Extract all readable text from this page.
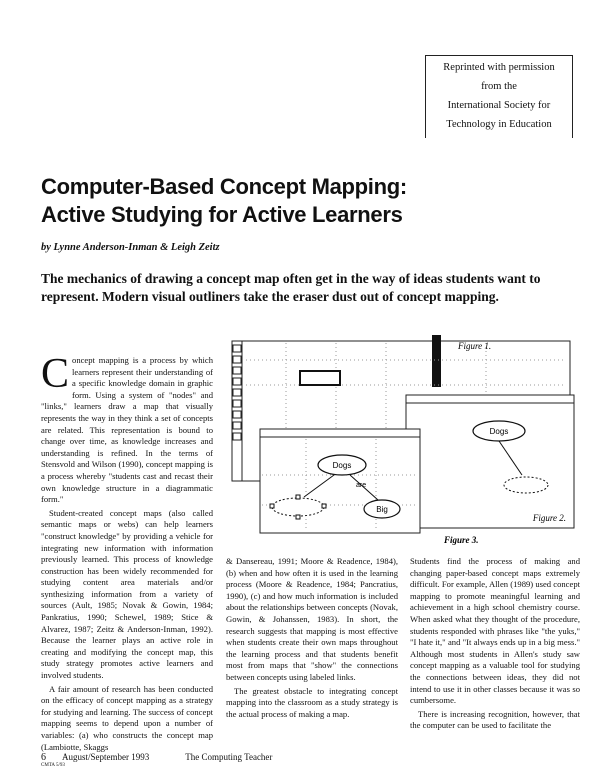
Reprinted with permission
from the
International Society for
Technology in Education
Computer-Based Concept Mapping:
Active Studying for Active Learners
by Lynne Anderson-Inman & Leigh Zeitz
The mechanics of drawing a concept map often get in the way of ideas students want to represent. Modern visual outliners take the eraser dust out of concept mapping.

Concept mapping is a process by which learners represent their understanding of a specific knowledge domain in graphic form. Using a system of "nodes" and "links," learners draw a map that visually represents the way in they think a set of concepts are related. This representation is bound to change over time, as knowledge increases and understanding is refined. In the terms of Stensvold and Wilson (1990), concept mapping is a process whereby "students cast and recast their own knowledge structure in a diagrammatic form."

Student-created concept maps (also called semantic maps or webs) can help learners "construct knowledge" by providing a vehicle for integrating new information with information previously learned. This process of knowledge construction has been widely recommended for studying content area materials and/or synthesizing information from a variety of sources (Ault, 1985; Novak & Gowin, 1984; Pankratius, 1990; Schewel, 1989; Stice & Alvarez, 1987; Zeitz & Anderson-Inman, 1992). Because the learner plays an active role in creating and modifying the concept map, this study strategy promotes active learners and involved students.

A fair amount of research has been conducted on the efficacy of concept mapping as a strategy for studying and learning. The success of concept mapping seems to depend upon a number of variables: (a) who constructs the concept map (Lambiotte, Skaggs

Figure 1.
Dogs
Figure 2.
Dogs
are
Big
Figure 3.

& Dansereau, 1991; Moore & Readence, 1984), (b) when and how often it is used in the learning process (Moore & Readence, 1984; Pancratius, 1990), (c) and how much information is included about the relationships between concepts (Novak, Gowin, & Johanssen, 1983). In short, the research suggests that mapping is most effective when students create their own maps throughout the learning process and that students benefit most from maps that "show" the connections between concepts using labeled links.

The greatest obstacle to integrating concept mapping into the classroom as a study strategy is the actual process of making a map.

Students find the process of making and changing paper-based concept maps extremely difficult. For example, Allen (1989) used concept mapping to promote meaningful learning and achievement in a high school chemistry course. When asked what they thought of the procedure, students responded with phrases like "the yuks," "I hate it," and "It always ends up in a big mess." Although most students in Allen's study saw concept mapping as a valuable tool for studying the connections between ideas, they did not intend to use it in other classes because it was so cumbersome.

There is increasing recognition, however, that the computer can be used to facilitate the

6 August/September 1993	The Computing Teacher
CMTA 5/93
